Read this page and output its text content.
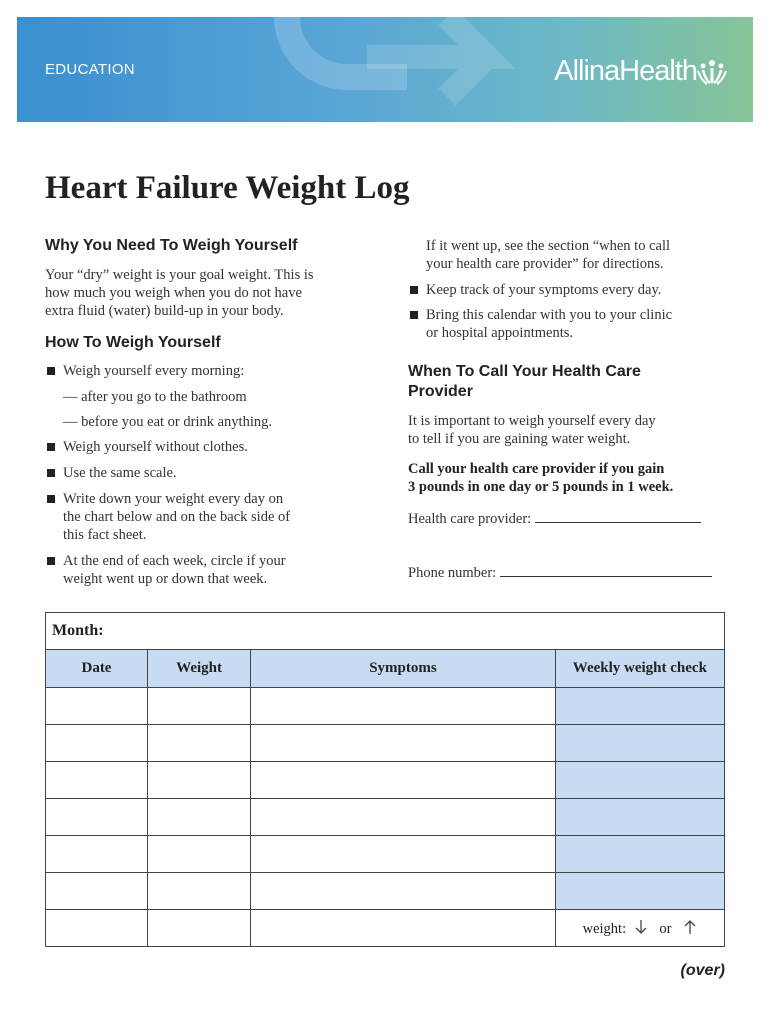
EDUCATION	AllinaHealth
Heart Failure Weight Log
Why You Need To Weigh Yourself
Your “dry” weight is your goal weight. This is
how much you weigh when you do not have
extra fluid (water) build-up in your body.
How To Weigh Yourself
Weigh yourself every morning:
— after you go to the bathroom
— before you eat or drink anything.
Weigh yourself without clothes.
Use the same scale.
Write down your weight every day on
the chart below and on the back side of
this fact sheet.
At the end of each week, circle if your
weight went up or down that week.
If it went up, see the section “when to call
your health care provider” for directions.
Keep track of your symptoms every day.
Bring this calendar with you to your clinic
or hospital appointments.
When To Call Your Health Care
Provider
It is important to weigh yourself every day
to tell if you are gaining water weight.
Call your health care provider if you gain
3 pounds in one day or 5 pounds in 1 week.
Health care provider:
Phone number:
Month:			
Date	Weight	Symptoms	Weekly weight check

			weight: or
(over)
